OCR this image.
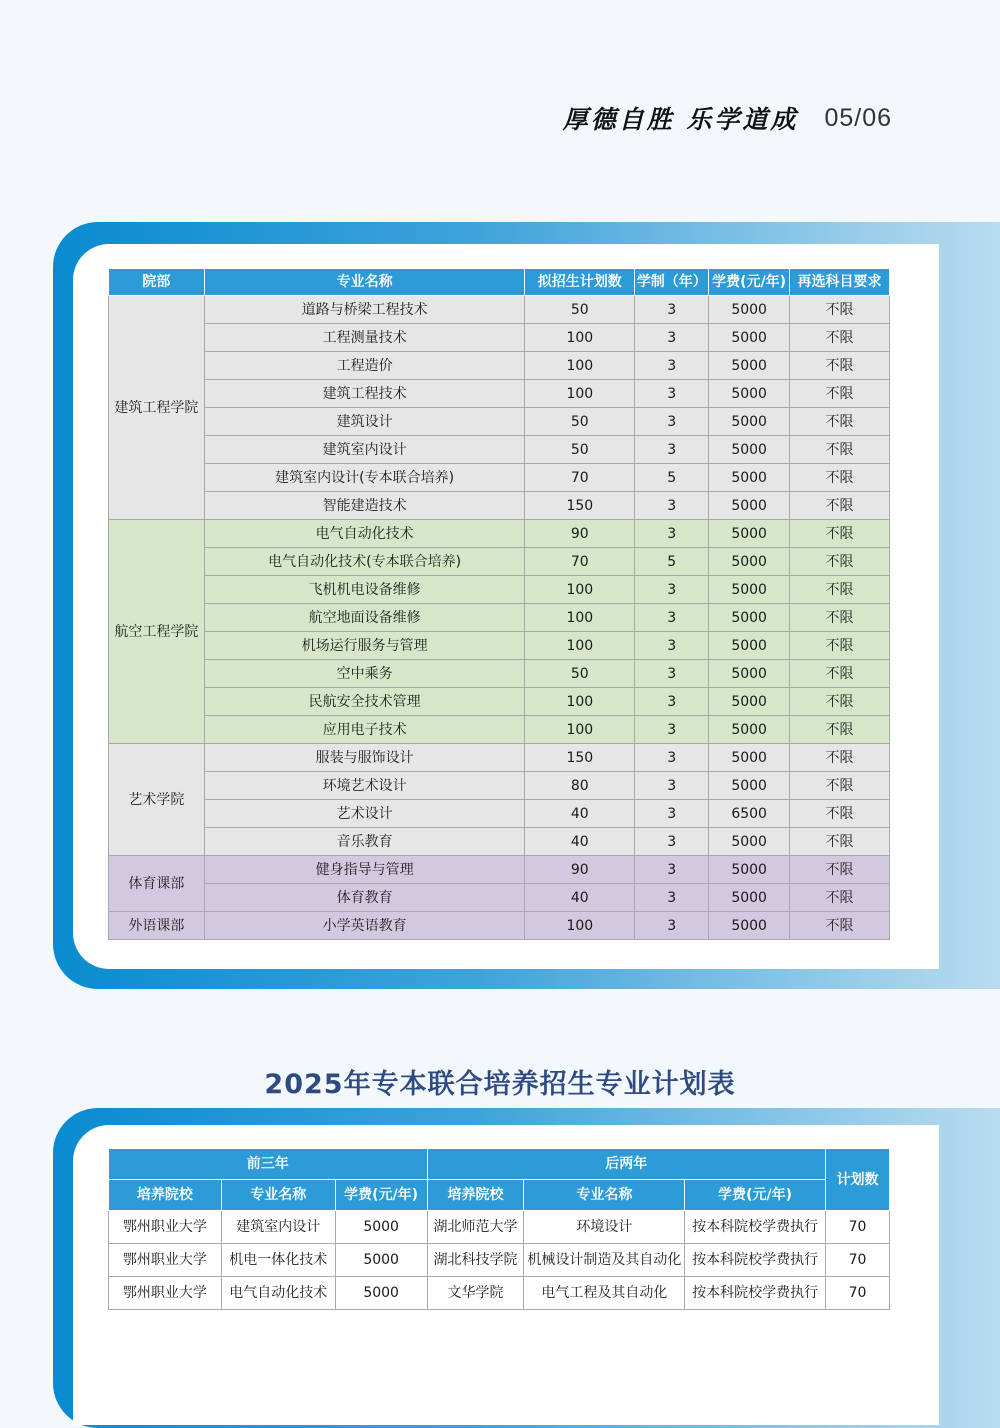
厚德自胜 乐学道成 05/06
院部	专业名称	拟招生计划数	学制（年）	学费(元/年)	再选科目要求
建筑工程学院	道路与桥梁工程技术	50	3	5000	不限
	工程测量技术	100	3	5000	不限
	工程造价	100	3	5000	不限
	建筑工程技术	100	3	5000	不限
	建筑设计	50	3	5000	不限
	建筑室内设计	50	3	5000	不限
	建筑室内设计(专本联合培养)	70	5	5000	不限
	智能建造技术	150	3	5000	不限
航空工程学院	电气自动化技术	90	3	5000	不限
	电气自动化技术(专本联合培养)	70	5	5000	不限
	飞机机电设备维修	100	3	5000	不限
	航空地面设备维修	100	3	5000	不限
	机场运行服务与管理	100	3	5000	不限
	空中乘务	50	3	5000	不限
	民航安全技术管理	100	3	5000	不限
	应用电子技术	100	3	5000	不限
艺术学院	服装与服饰设计	150	3	5000	不限
	环境艺术设计	80	3	5000	不限
	艺术设计	40	3	6500	不限
	音乐教育	40	3	5000	不限
体育课部	健身指导与管理	90	3	5000	不限
	体育教育	40	3	5000	不限
外语课部	小学英语教育	100	3	5000	不限
2025年专本联合培养招生专业计划表
前三年			后两年			计划数
培养院校	专业名称	学费(元/年)	培养院校	专业名称	学费(元/年)	
鄂州职业大学	建筑室内设计	5000	湖北师范大学	环境设计	按本科院校学费执行	70
鄂州职业大学	机电一体化技术	5000	湖北科技学院	机械设计制造及其自动化	按本科院校学费执行	70
鄂州职业大学	电气自动化技术	5000	文华学院	电气工程及其自动化	按本科院校学费执行	70
